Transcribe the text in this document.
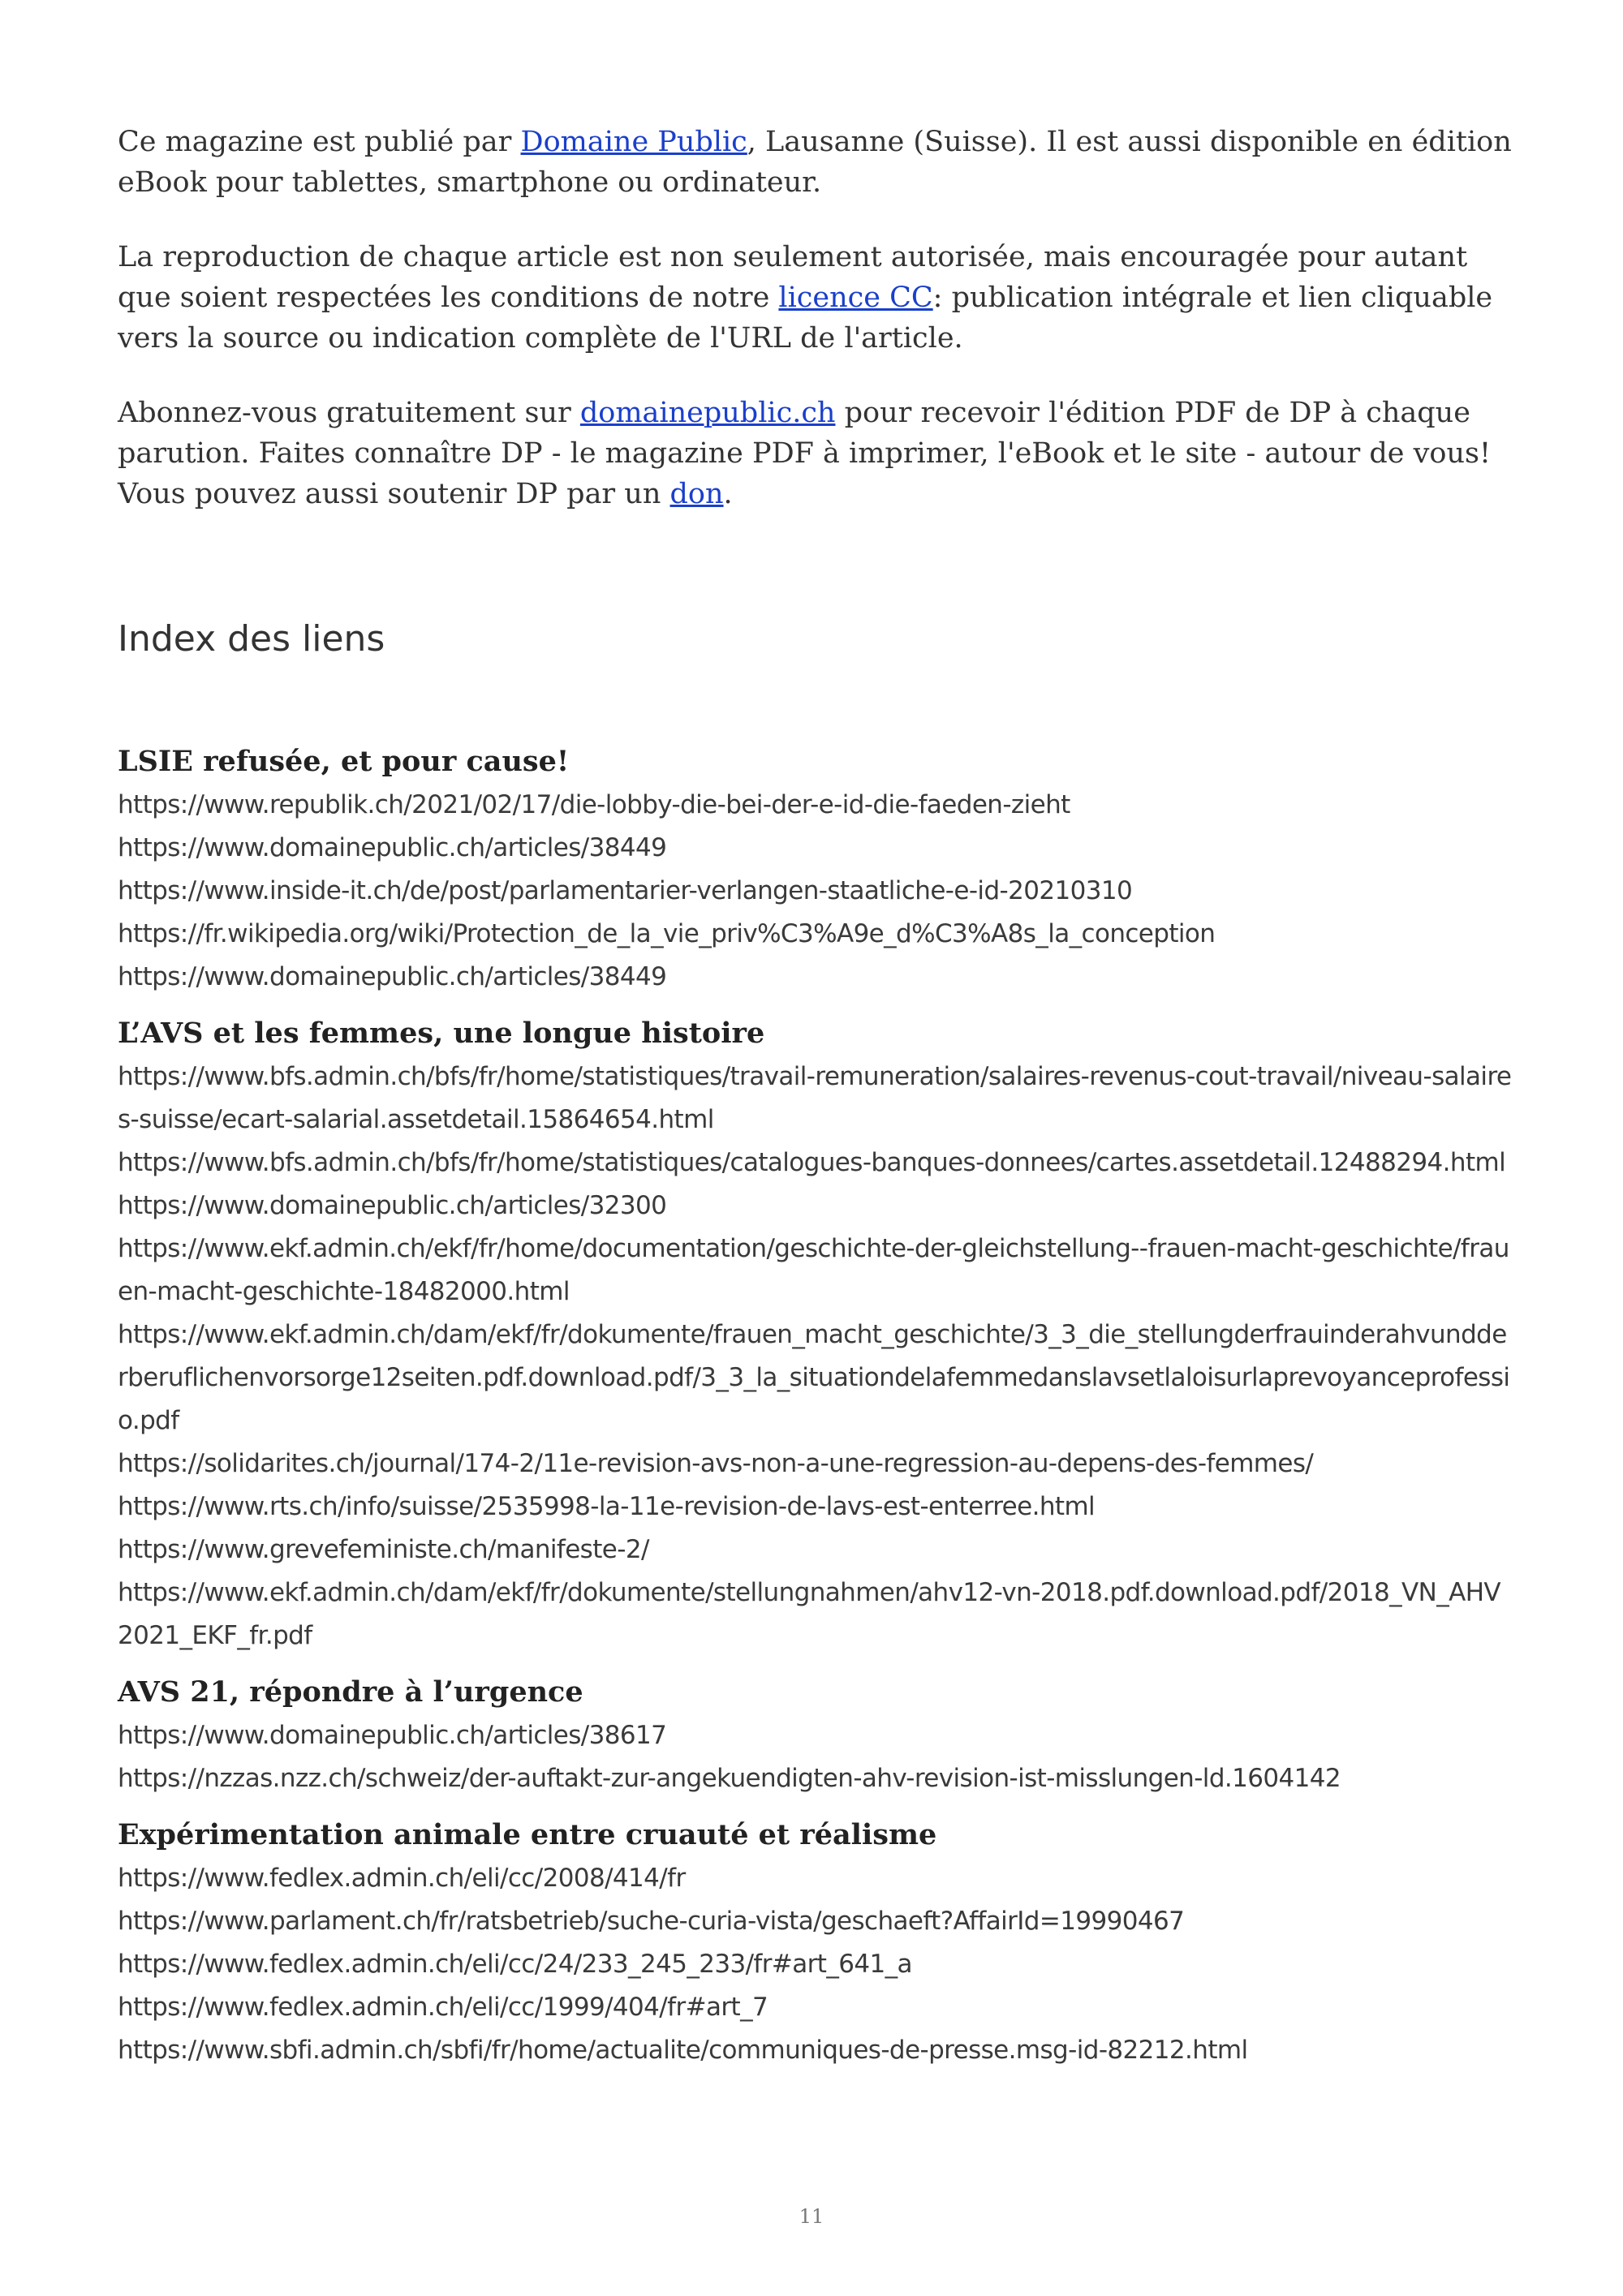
Ce magazine est publié par Domaine Public, Lausanne (Suisse). Il est aussi disponible en édition eBook pour tablettes, smartphone ou ordinateur.

La reproduction de chaque article est non seulement autorisée, mais encouragée pour autant que soient respectées les conditions de notre licence CC: publication intégrale et lien cliquable vers la source ou indication complète de l'URL de l'article.

Abonnez-vous gratuitement sur domainepublic.ch pour recevoir l'édition PDF de DP à chaque parution. Faites connaître DP - le magazine PDF à imprimer, l'eBook et le site - autour de vous! Vous pouvez aussi soutenir DP par un don.

Index des liens
LSIE refusée, et pour cause!
https://www.republik.ch/2021/02/17/die-lobby-die-bei-der-e-id-die-faeden-zieht
https://www.domainepublic.ch/articles/38449
https://www.inside-it.ch/de/post/parlamentarier-verlangen-staatliche-e-id-20210310
https://fr.wikipedia.org/wiki/Protection_de_la_vie_priv%C3%A9e_d%C3%A8s_la_conception
https://www.domainepublic.ch/articles/38449
L’AVS et les femmes, une longue histoire
https://www.bfs.admin.ch/bfs/fr/home/statistiques/travail-remuneration/salaires-revenus-cout-travail/niveau-salaires-suisse/ecart-salarial.assetdetail.15864654.html
https://www.bfs.admin.ch/bfs/fr/home/statistiques/catalogues-banques-donnees/cartes.assetdetail.12488294.html
https://www.domainepublic.ch/articles/32300
https://www.ekf.admin.ch/ekf/fr/home/documentation/geschichte-der-gleichstellung--frauen-macht-geschichte/frauen-macht-geschichte-18482000.html
https://www.ekf.admin.ch/dam/ekf/fr/dokumente/frauen_macht_geschichte/3_3_die_stellungderfrauinderahvundderberuflichenvorsorge12seiten.pdf.download.pdf/3_3_la_situationdelafemmedanslavsetlaloisurlaprevoyanceprofessio.pdf
https://solidarites.ch/journal/174-2/11e-revision-avs-non-a-une-regression-au-depens-des-femmes/
https://www.rts.ch/info/suisse/2535998-la-11e-revision-de-lavs-est-enterree.html
https://www.grevefeministe.ch/manifeste-2/
https://www.ekf.admin.ch/dam/ekf/fr/dokumente/stellungnahmen/ahv12-vn-2018.pdf.download.pdf/2018_VN_AHV2021_EKF_fr.pdf
AVS 21, répondre à l’urgence
https://www.domainepublic.ch/articles/38617
https://nzzas.nzz.ch/schweiz/der-auftakt-zur-angekuendigten-ahv-revision-ist-misslungen-ld.1604142
Expérimentation animale entre cruauté et réalisme
https://www.fedlex.admin.ch/eli/cc/2008/414/fr
https://www.parlament.ch/fr/ratsbetrieb/suche-curia-vista/geschaeft?AffairId=19990467
https://www.fedlex.admin.ch/eli/cc/24/233_245_233/fr#art_641_a
https://www.fedlex.admin.ch/eli/cc/1999/404/fr#art_7
https://www.sbfi.admin.ch/sbfi/fr/home/actualite/communiques-de-presse.msg-id-82212.html
11
